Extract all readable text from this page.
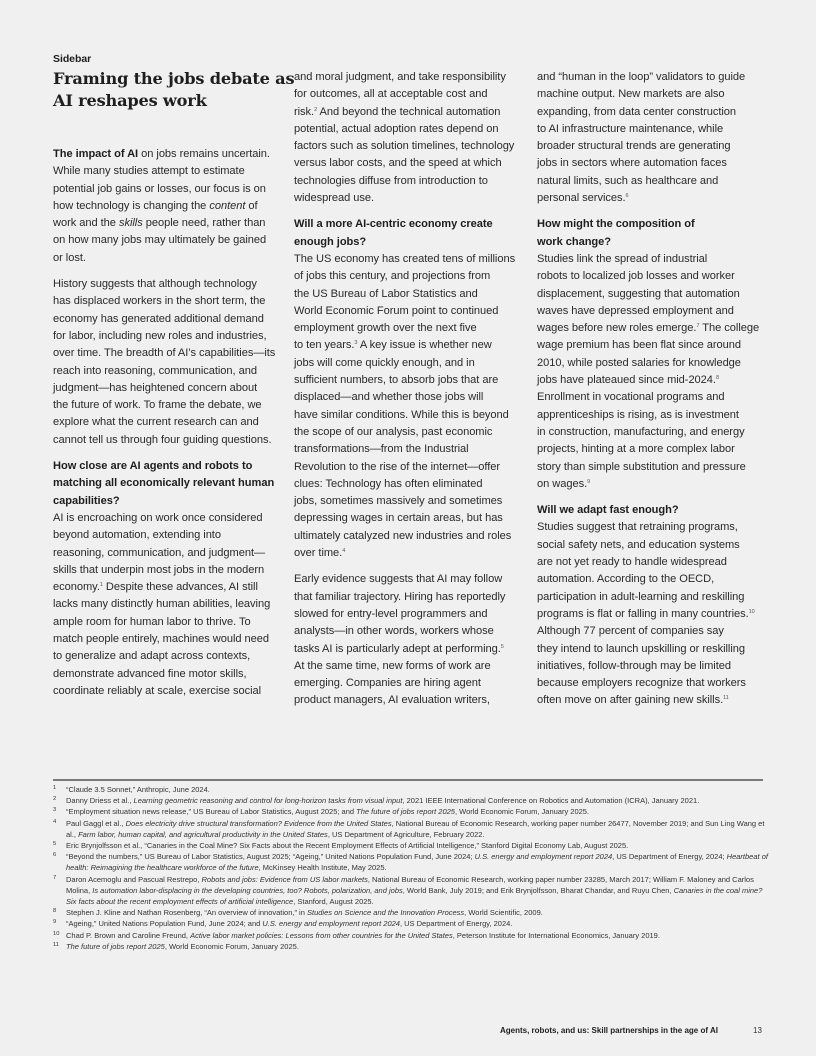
Sidebar
Framing the jobs debate as
AI reshapes work

The impact of AI on jobs remains uncertain.
While many studies attempt to estimate
potential job gains or losses, our focus is on
how technology is changing the content of
work and the skills people need, rather than
on how many jobs may ultimately be gained
or lost.

History suggests that although technology
has displaced workers in the short term, the
economy has generated additional demand
for labor, including new roles and industries,
over time. The breadth of AI’s capabilities—its
reach into reasoning, communication, and
judgment—has heightened concern about
the future of work. To frame the debate, we
explore what the current research can and
cannot tell us through four guiding questions.

How close are AI agents and robots to
matching all economically relevant human
capabilities?

AI is encroaching on work once considered
beyond automation, extending into
reasoning, communication, and judgment—
skills that underpin most jobs in the modern
economy.$^1$ Despite these advances, AI still
lacks many distinctly human abilities, leaving
ample room for human labor to thrive. To
match people entirely, machines would need
to generalize and adapt across contexts,
demonstrate advanced fine motor skills,
coordinate reliably at scale, exercise social

and moral judgment, and take responsibility
for outcomes, all at acceptable cost and
risk.$^2$ And beyond the technical automation
potential, actual adoption rates depend on
factors such as solution timelines, technology
versus labor costs, and the speed at which
technologies diffuse from introduction to
widespread use.

Will a more AI-centric economy create
enough jobs?

The US economy has created tens of millions
of jobs this century, and projections from
the US Bureau of Labor Statistics and
World Economic Forum point to continued
employment growth over the next five
to ten years.$^3$ A key issue is whether new
jobs will come quickly enough, and in
sufficient numbers, to absorb jobs that are
displaced—and whether those jobs will
have similar conditions. While this is beyond
the scope of our analysis, past economic
transformations—from the Industrial
Revolution to the rise of the internet—offer
clues: Technology has often eliminated
jobs, sometimes massively and sometimes
depressing wages in certain areas, but has
ultimately catalyzed new industries and roles
over time.$^4$

Early evidence suggests that AI may follow
that familiar trajectory. Hiring has reportedly
slowed for entry-level programmers and
analysts—in other words, workers whose
tasks AI is particularly adept at performing.$^5$
At the same time, new forms of work are
emerging. Companies are hiring agent
product managers, AI evaluation writers,

and “human in the loop” validators to guide
machine output. New markets are also
expanding, from data center construction
to AI infrastructure maintenance, while
broader structural trends are generating
jobs in sectors where automation faces
natural limits, such as healthcare and
personal services.$^6$

How might the composition of
work change?

Studies link the spread of industrial
robots to localized job losses and worker
displacement, suggesting that automation
waves have depressed employment and
wages before new roles emerge.$^7$ The college
wage premium has been flat since around
2010, while posted salaries for knowledge
jobs have plateaued since mid-2024.$^8$
Enrollment in vocational programs and
apprenticeships is rising, as is investment
in construction, manufacturing, and energy
projects, hinting at a more complex labor
story than simple substitution and pressure
on wages.$^9$

Will we adapt fast enough?

Studies suggest that retraining programs,
social safety nets, and education systems
are not yet ready to handle widespread
automation. According to the OECD,
participation in adult-learning and reskilling
programs is flat or falling in many countries.$^{10}$
Although 77 percent of companies say
they intend to launch upskilling or reskilling
initiatives, follow-through may be limited
because employers recognize that workers
often move on after gaining new skills.$^{11}$

1 “Claude 3.5 Sonnet,” Anthropic, June 2024.
2 Danny Driess et al., Learning geometric reasoning and control for long-horizon tasks from visual input, 2021 IEEE International Conference on Robotics and Automation (ICRA), January 2021.
3 “Employment situation news release,” US Bureau of Labor Statistics, August 2025; and The future of jobs report 2025, World Economic Forum, January 2025.
4 Paul Gaggl et al., Does electricity drive structural transformation? Evidence from the United States, National Bureau of Economic Research, working paper number 26477, November 2019; and Sun Ling Wang et al., Farm labor, human capital, and agricultural productivity in the United States, US Department of Agriculture, February 2022.
5 Eric Brynjolfsson et al., “Canaries in the Coal Mine? Six Facts about the Recent Employment Effects of Artificial Intelligence,” Stanford Digital Economy Lab, August 2025.
6 “Beyond the numbers,” US Bureau of Labor Statistics, August 2025; “Ageing,” United Nations Population Fund, June 2024; U.S. energy and employment report 2024, US Department of Energy, 2024; Heartbeat of health: Reimagining the healthcare workforce of the future, McKinsey Health Institute, May 2025.
7 Daron Acemoglu and Pascual Restrepo, Robots and jobs: Evidence from US labor markets, National Bureau of Economic Research, working paper number 23285, March 2017; William F. Maloney and Carlos Molina, Is automation labor-displacing in the developing countries, too? Robots, polarization, and jobs, World Bank, July 2019; and Erik Brynjolfsson, Bharat Chandar, and Ruyu Chen, Canaries in the coal mine? Six facts about the recent employment effects of artificial intelligence, Stanford, August 2025.
8 Stephen J. Kline and Nathan Rosenberg, “An overview of innovation,” in Studies on Science and the Innovation Process, World Scientific, 2009.
9 “Ageing,” United Nations Population Fund, June 2024; and U.S. energy and employment report 2024, US Department of Energy, 2024.
10 Chad P. Brown and Caroline Freund, Active labor market policies: Lessons from other countries for the United States, Peterson Institute for International Economics, January 2019.
11 The future of jobs report 2025, World Economic Forum, January 2025.
Agents, robots, and us: Skill partnerships in the age of AI	13
